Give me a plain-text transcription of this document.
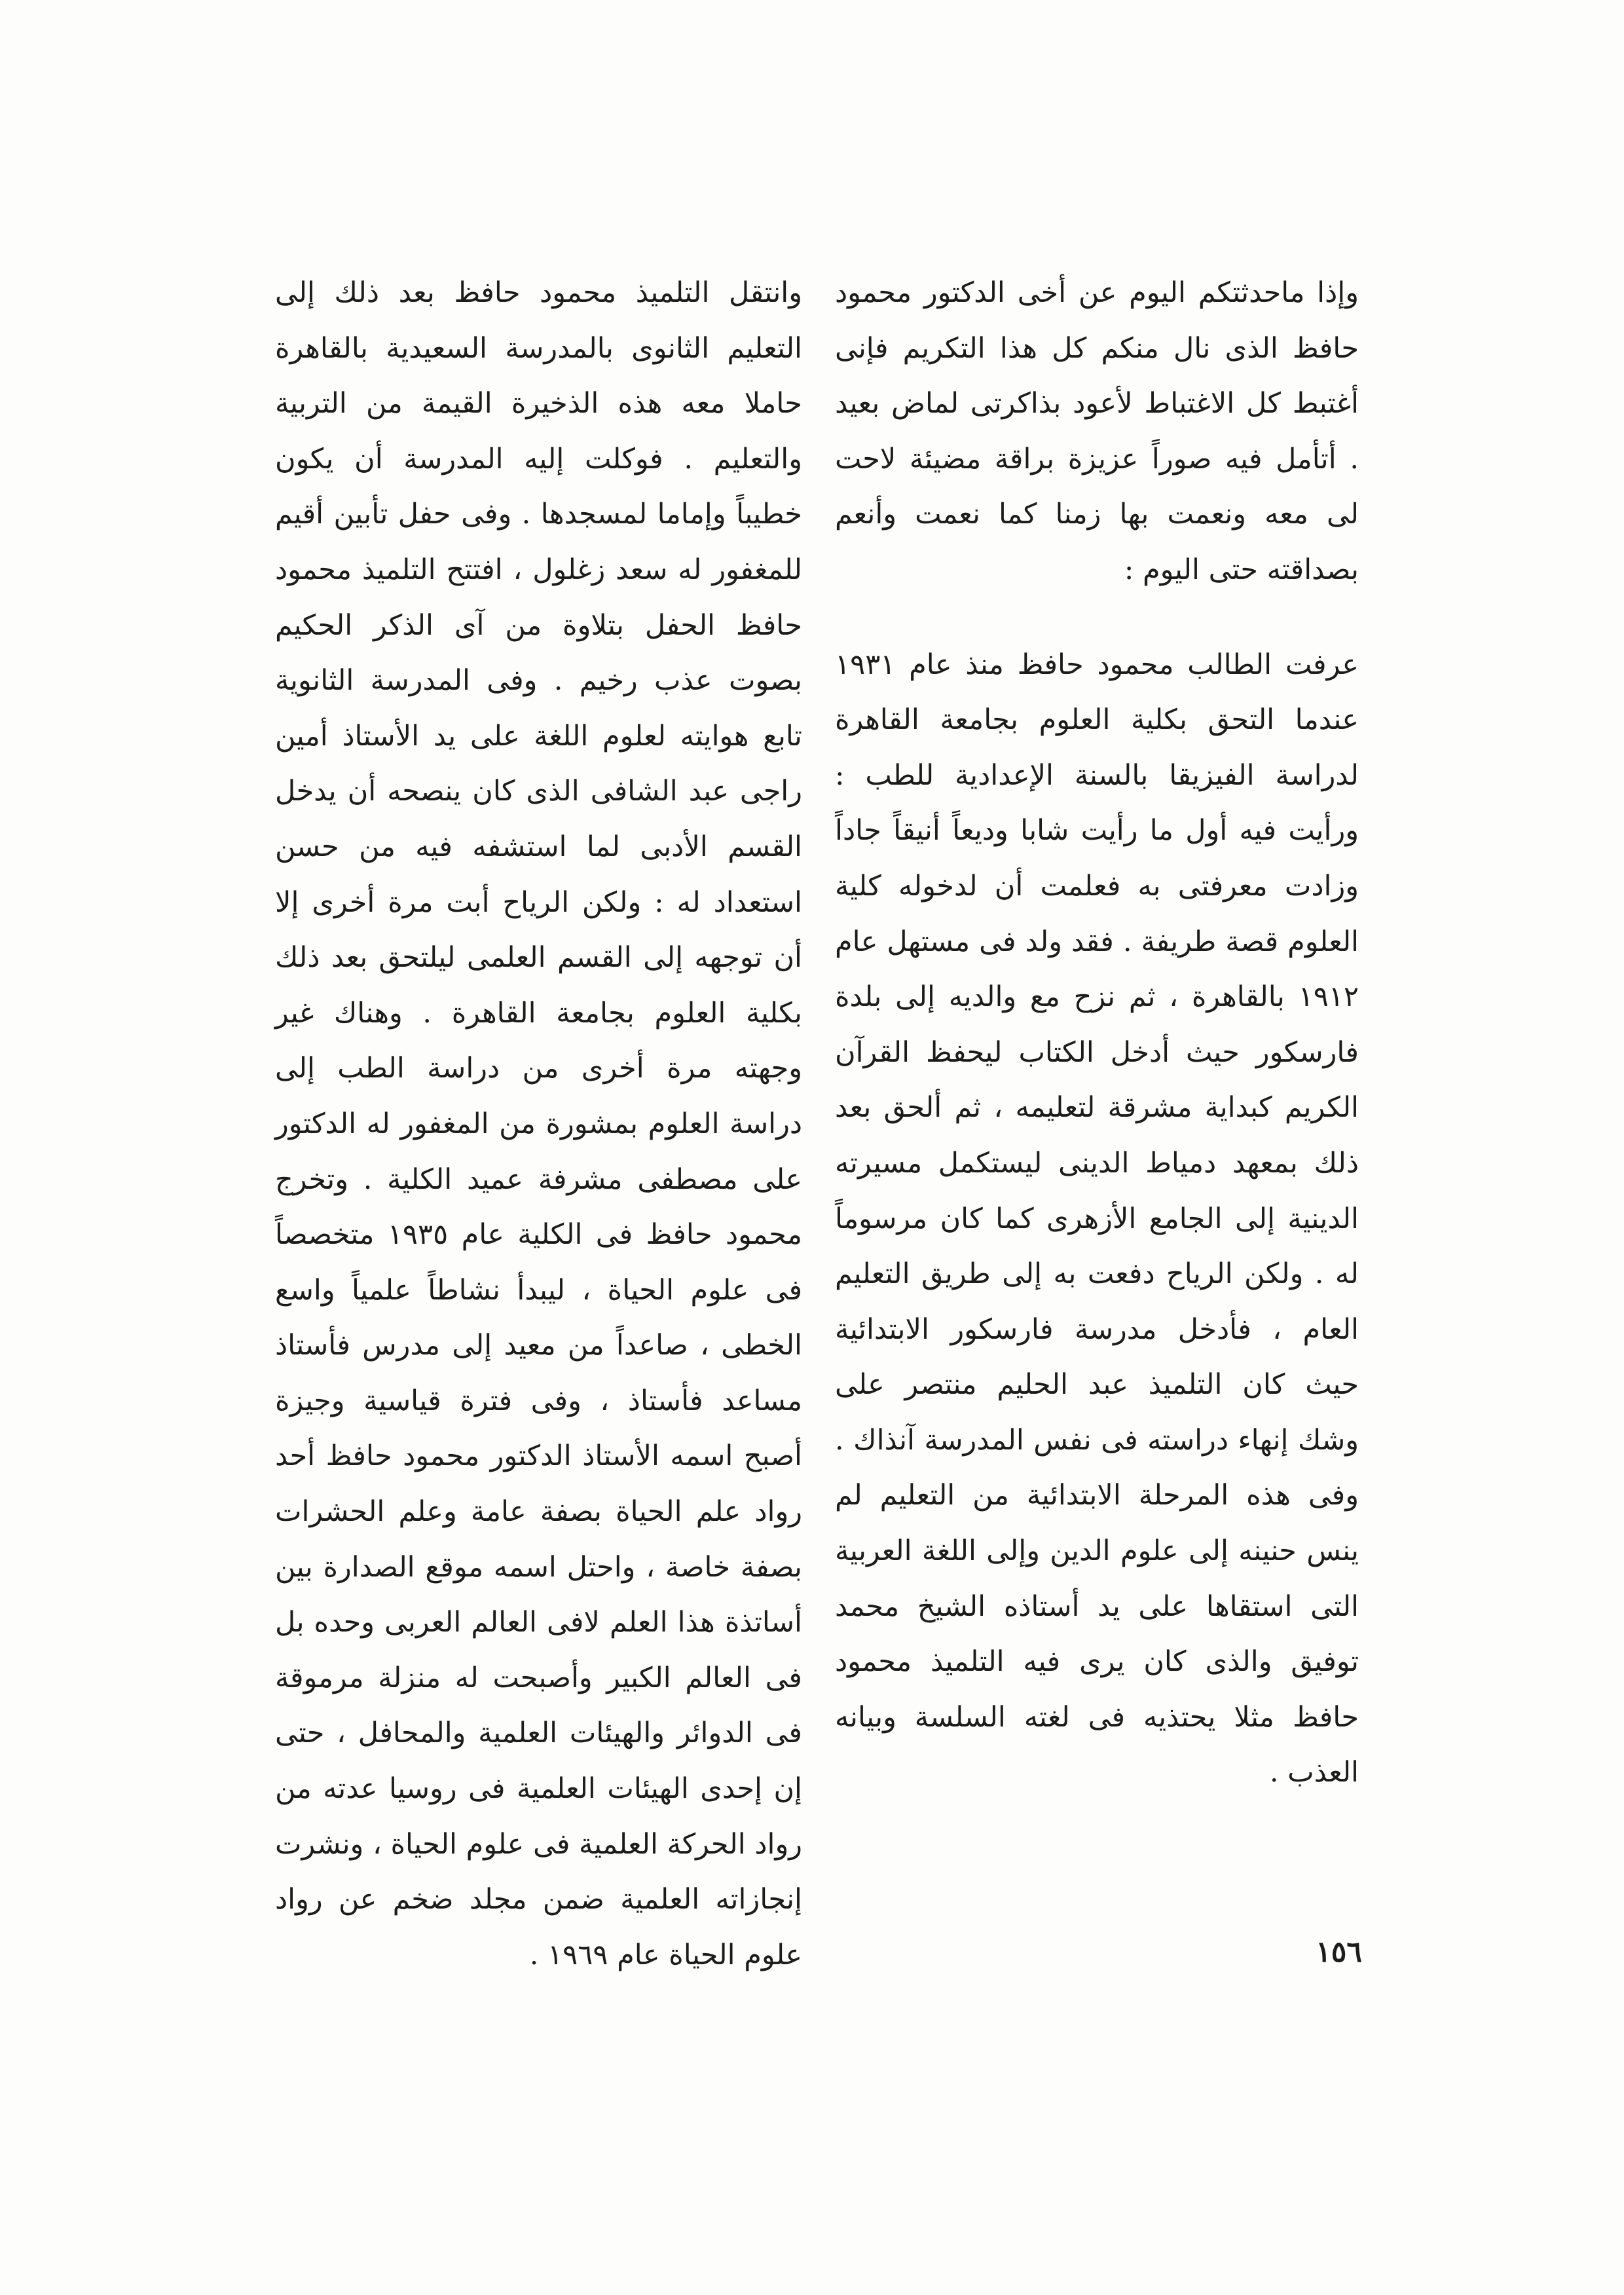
وإذا ماحدثتكم اليوم عن أخى الدكتور محمود حافظ الذى نال منكم كل هذا التكريم فإنى أغتبط كل الاغتباط لأعود بذاكرتى لماض بعيد . أتأمل فيه صوراً عزيزة براقة مضيئة لاحت لى معه ونعمت بها زمنا كما نعمت وأنعم بصداقته حتى اليوم :

عرفت الطالب محمود حافظ منذ عام ١٩٣١ عندما التحق بكلية العلوم بجامعة القاهرة لدراسة الفيزيقا بالسنة الإعدادية للطب : ورأيت فيه أول ما رأيت شابا وديعاً أنيقاً جاداً وزادت معرفتى به فعلمت أن لدخوله كلية العلوم قصة طريفة . فقد ولد فى مستهل عام ١٩١٢ بالقاهرة ، ثم نزح مع والديه إلى بلدة فارسكور حيث أدخل الكتاب ليحفظ القرآن الكريم كبداية مشرقة لتعليمه ، ثم ألحق بعد ذلك بمعهد دمياط الدينى ليستكمل مسيرته الدينية إلى الجامع الأزهرى كما كان مرسوماً له . ولكن الرياح دفعت به إلى طريق التعليم العام ، فأدخل مدرسة فارسكور الابتدائية حيث كان التلميذ عبد الحليم منتصر على وشك إنهاء دراسته فى نفس المدرسة آنذاك . وفى هذه المرحلة الابتدائية من التعليم لم ينس حنينه إلى علوم الدين وإلى اللغة العربية التى استقاها على يد أستاذه الشيخ محمد توفيق والذى كان يرى فيه التلميذ محمود حافظ مثلا يحتذيه فى لغته السلسة وبيانه العذب .

وانتقل التلميذ محمود حافظ بعد ذلك إلى التعليم الثانوى بالمدرسة السعيدية بالقاهرة حاملا معه هذه الذخيرة القيمة من التربية والتعليم . فوكلت إليه المدرسة أن يكون خطيباً وإماما لمسجدها . وفى حفل تأبين أقيم للمغفور له سعد زغلول ، افتتح التلميذ محمود حافظ الحفل بتلاوة من آى الذكر الحكيم بصوت عذب رخيم . وفى المدرسة الثانوية تابع هوايته لعلوم اللغة على يد الأستاذ أمين راجى عبد الشافى الذى كان ينصحه أن يدخل القسم الأدبى لما استشفه فيه من حسن استعداد له : ولكن الرياح أبت مرة أخرى إلا أن توجهه إلى القسم العلمى ليلتحق بعد ذلك بكلية العلوم بجامعة القاهرة . وهناك غير وجهته مرة أخرى من دراسة الطب إلى دراسة العلوم بمشورة من المغفور له الدكتور على مصطفى مشرفة عميد الكلية . وتخرج محمود حافظ فى الكلية عام ١٩٣٥ متخصصاً فى علوم الحياة ، ليبدأ نشاطاً علمياً واسع الخطى ، صاعداً من معيد إلى مدرس فأستاذ مساعد فأستاذ ، وفى فترة قياسية وجيزة أصبح اسمه الأستاذ الدكتور محمود حافظ أحد رواد علم الحياة بصفة عامة وعلم الحشرات بصفة خاصة ، واحتل اسمه موقع الصدارة بين أساتذة هذا العلم لافى العالم العربى وحده بل فى العالم الكبير وأصبحت له منزلة مرموقة فى الدوائر والهيئات العلمية والمحافل ، حتى إن إحدى الهيئات العلمية فى روسيا عدته من رواد الحركة العلمية فى علوم الحياة ، ونشرت إنجازاته العلمية ضمن مجلد ضخم عن رواد علوم الحياة عام ١٩٦٩ .	١٥٦
